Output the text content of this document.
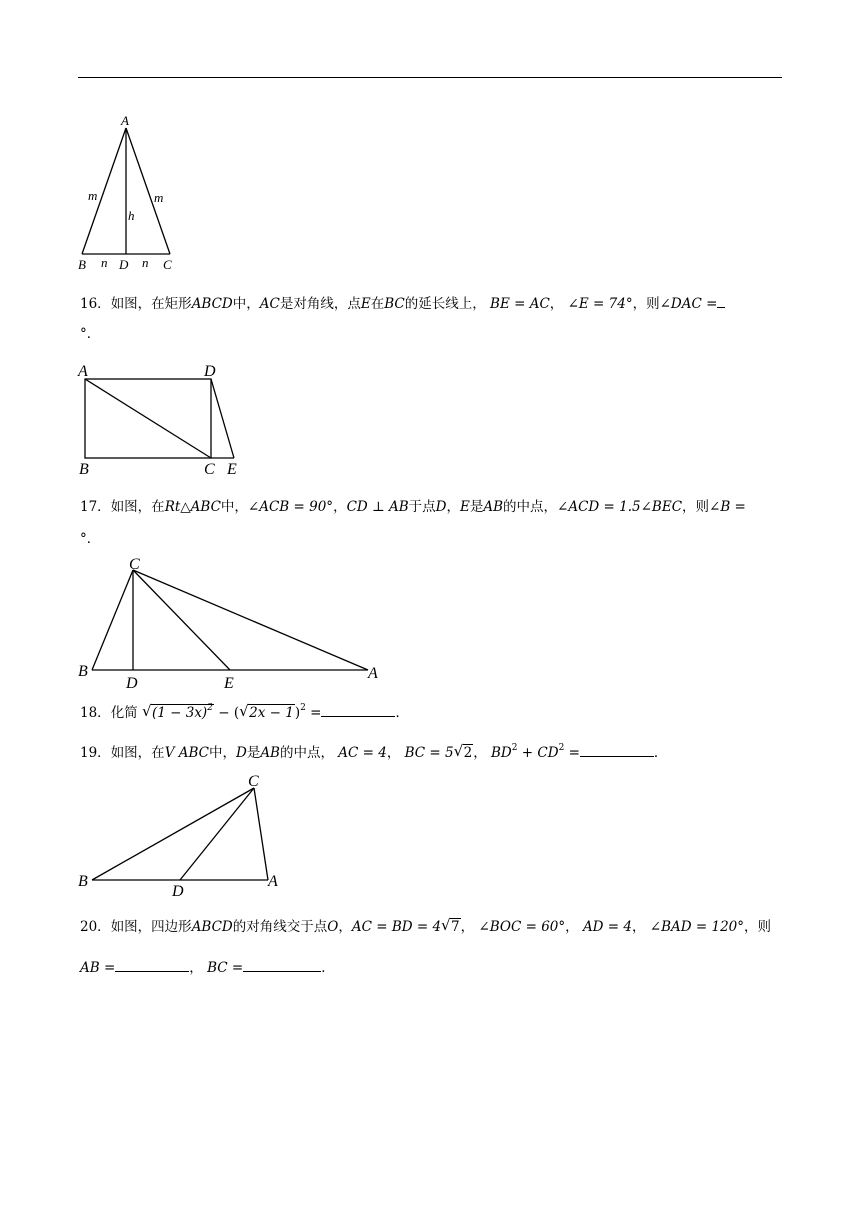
A
m	m
h
B n D n C
16．如图，在矩形ABCD中，AC是对角线，点E在BC的延长线上， BE = AC， ∠E = 74°，则∠DAC =
°．
A	D
B	C E
17．如图，在Rt△ABC中，∠ACB = 90°，CD ⊥ AB于点D，E是AB的中点，∠ACD = 1.5∠BEC，则∠B =
°．
C
B
D	E
A
18．化简 √ $(1 - 3x)^2$ − ( √ 2x − 1)$^2$ =	．
19．如图，在V ABC中，D是AB的中点， AC = 4， BC = 5 √ 2， $BD^2 + CD^2$ =	．
C
B
D
A
20．如图，四边形ABCD的对角线交于点O，AC = BD = 4 √ 7， ∠BOC = 60°， AD = 4， ∠BAD = 120°，则
AB =	， BC =	．
